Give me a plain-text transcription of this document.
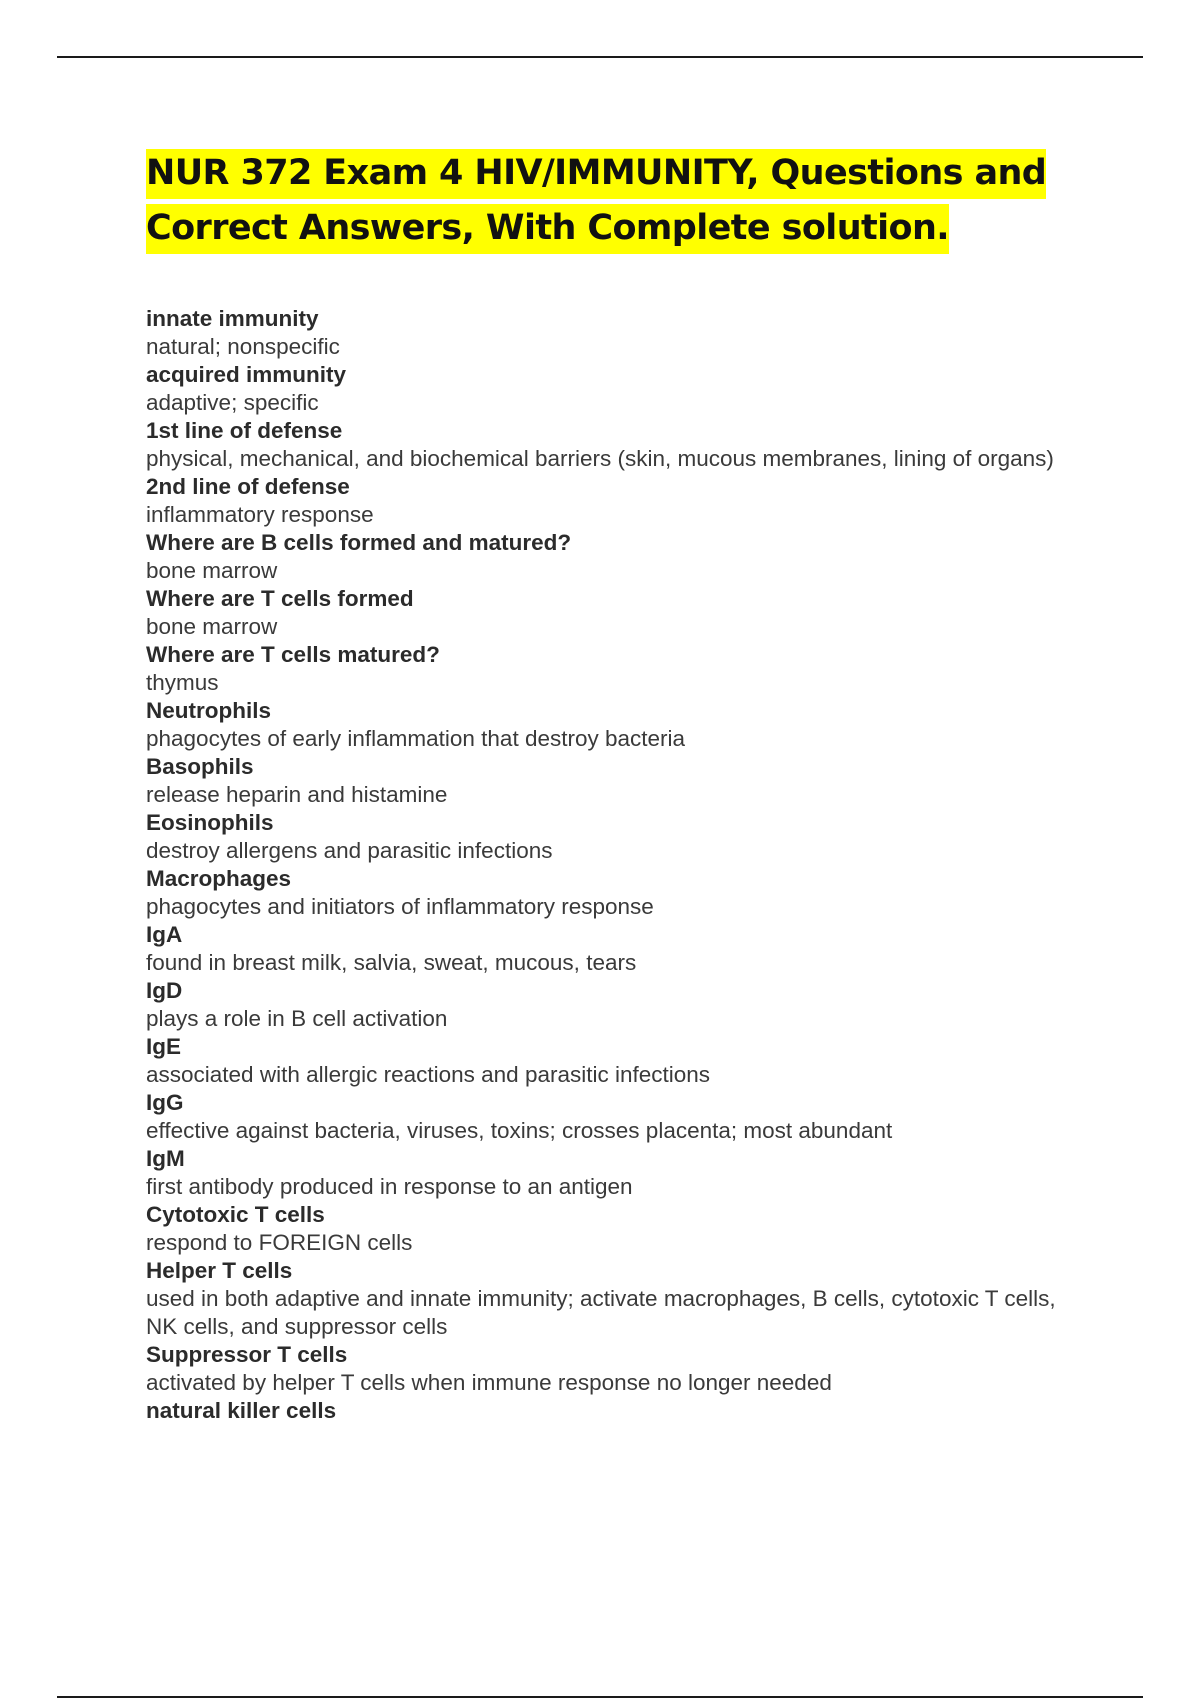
NUR 372 Exam 4 HIV/IMMUNITY, Questions and Correct Answers, With Complete solution.
innate immunity
natural; nonspecific
acquired immunity
adaptive; specific
1st line of defense
physical, mechanical, and biochemical barriers (skin, mucous membranes, lining of organs)
2nd line of defense
inflammatory response
Where are B cells formed and matured?
bone marrow
Where are T cells formed
bone marrow
Where are T cells matured?
thymus
Neutrophils
phagocytes of early inflammation that destroy bacteria
Basophils
release heparin and histamine
Eosinophils
destroy allergens and parasitic infections
Macrophages
phagocytes and initiators of inflammatory response
IgA
found in breast milk, salvia, sweat, mucous, tears
IgD
plays a role in B cell activation
IgE
associated with allergic reactions and parasitic infections
IgG
effective against bacteria, viruses, toxins; crosses placenta; most abundant
IgM
first antibody produced in response to an antigen
Cytotoxic T cells
respond to FOREIGN cells
Helper T cells
used in both adaptive and innate immunity; activate macrophages, B cells, cytotoxic T cells, NK cells, and suppressor cells
Suppressor T cells
activated by helper T cells when immune response no longer needed
natural killer cells
